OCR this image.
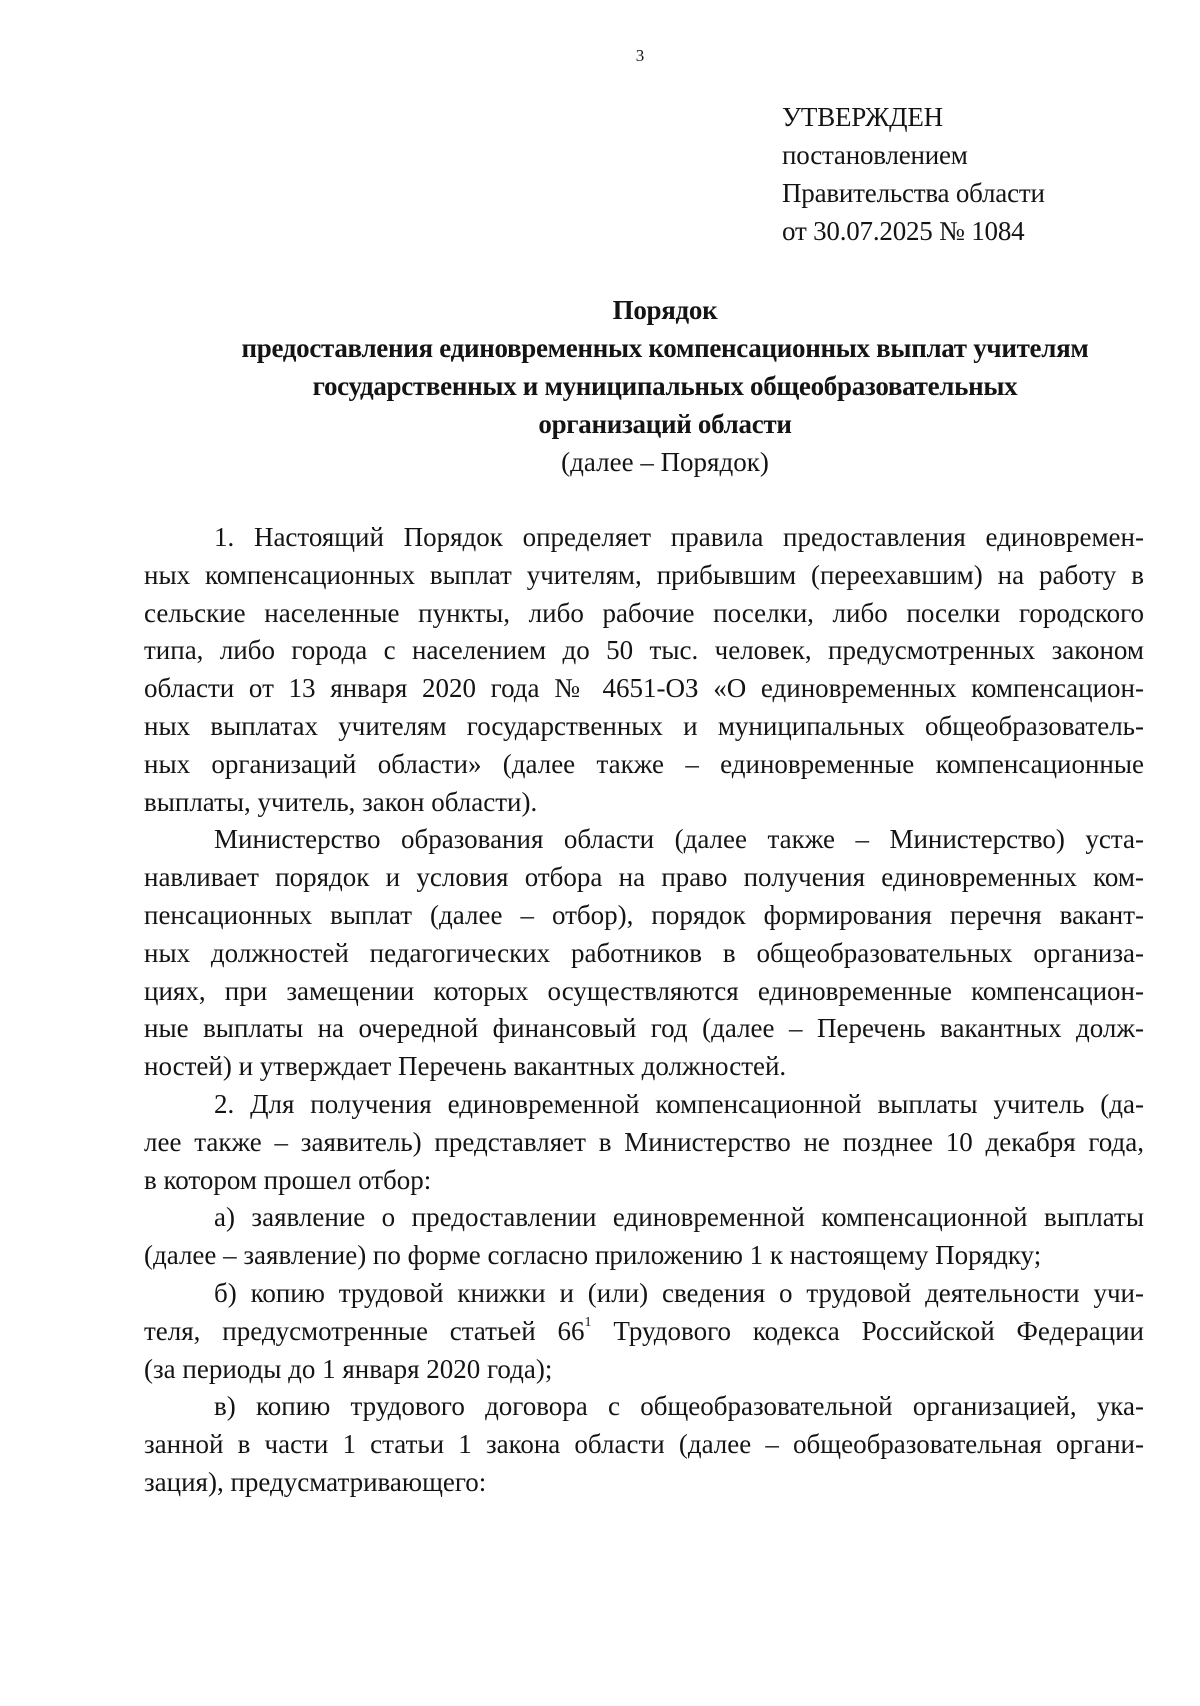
3
УТВЕРЖДЕН
постановлением
Правительства области
от 30.07.2025 № 1084
Порядок
предоставления единовременных компенсационных выплат учителям
государственных и муниципальных общеобразовательных
организаций области
(далее – Порядок)
1. Настоящий Порядок определяет правила предоставления единовремен-
ных компенсационных выплат учителям, прибывшим (переехавшим) на работу в
сельские населенные пункты, либо рабочие поселки, либо поселки городского
типа, либо города с населением до 50 тыс. человек, предусмотренных законом
области от 13 января 2020 года № 4651-ОЗ «О единовременных компенсацион-
ных выплатах учителям государственных и муниципальных общеобразователь-
ных организаций области» (далее также – единовременные компенсационные
выплаты, учитель, закон области).
Министерство образования области (далее также – Министерство) уста-
навливает порядок и условия отбора на право получения единовременных ком-
пенсационных выплат (далее – отбор), порядок формирования перечня вакант-
ных должностей педагогических работников в общеобразовательных организа-
циях, при замещении которых осуществляются единовременные компенсацион-
ные выплаты на очередной финансовый год (далее – Перечень вакантных долж-
ностей) и утверждает Перечень вакантных должностей.
2. Для получения единовременной компенсационной выплаты учитель (да-
лее также – заявитель) представляет в Министерство не позднее 10 декабря года,
в котором прошел отбор:
а) заявление о предоставлении единовременной компенсационной выплаты
(далее – заявление) по форме согласно приложению 1 к настоящему Порядку;
б) копию трудовой книжки и (или) сведения о трудовой деятельности учи-
теля, предусмотренные статьей $66^1$ Трудового кодекса Российской Федерации
(за периоды до 1 января 2020 года);
в) копию трудового договора с общеобразовательной организацией, ука-
занной в части 1 статьи 1 закона области (далее – общеобразовательная органи-
зация), предусматривающего:
